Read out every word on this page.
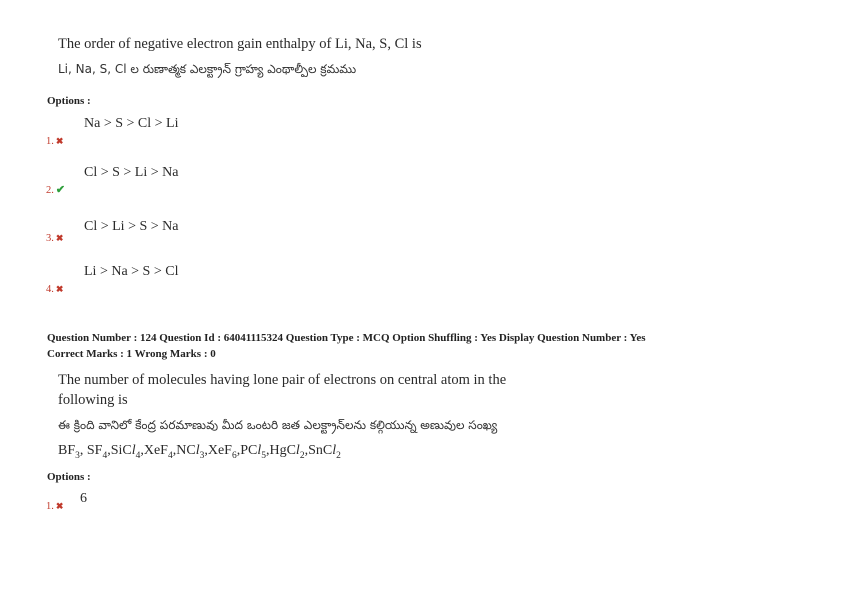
The order of negative electron gain enthalpy of Li, Na, S, Cl is
Li, Na, S, Cl ల రుణాత్మక ఎలక్ట్రాన్ గ్రాహ్య ఎంథాల్పీల క్రమము
Options :
Na > S > Cl > Li
1. ✖
Cl > S > Li > Na
2. ✔
Cl > Li > S > Na
3. ✖
Li > Na > S > Cl
4. ✖
Question Number : 124 Question Id : 64041115324 Question Type : MCQ Option Shuffling : Yes Display Question Number : Yes
Correct Marks : 1 Wrong Marks : 0
The number of molecules having lone pair of electrons on central atom in the
following is
ఈ క్రింది వానిలో కేంద్ర పరమాణువు మీద ఒంటరి జత ఎలక్ట్రాన్‌లను కల్గియున్న అణువుల సంఖ్య
$BF_3$, $SF_4,SiCl_4,XeF_4,NCl_3,XeF_6,PCl_5,HgCl_2,SnCl_2$
Options :
1. ✖ 6
